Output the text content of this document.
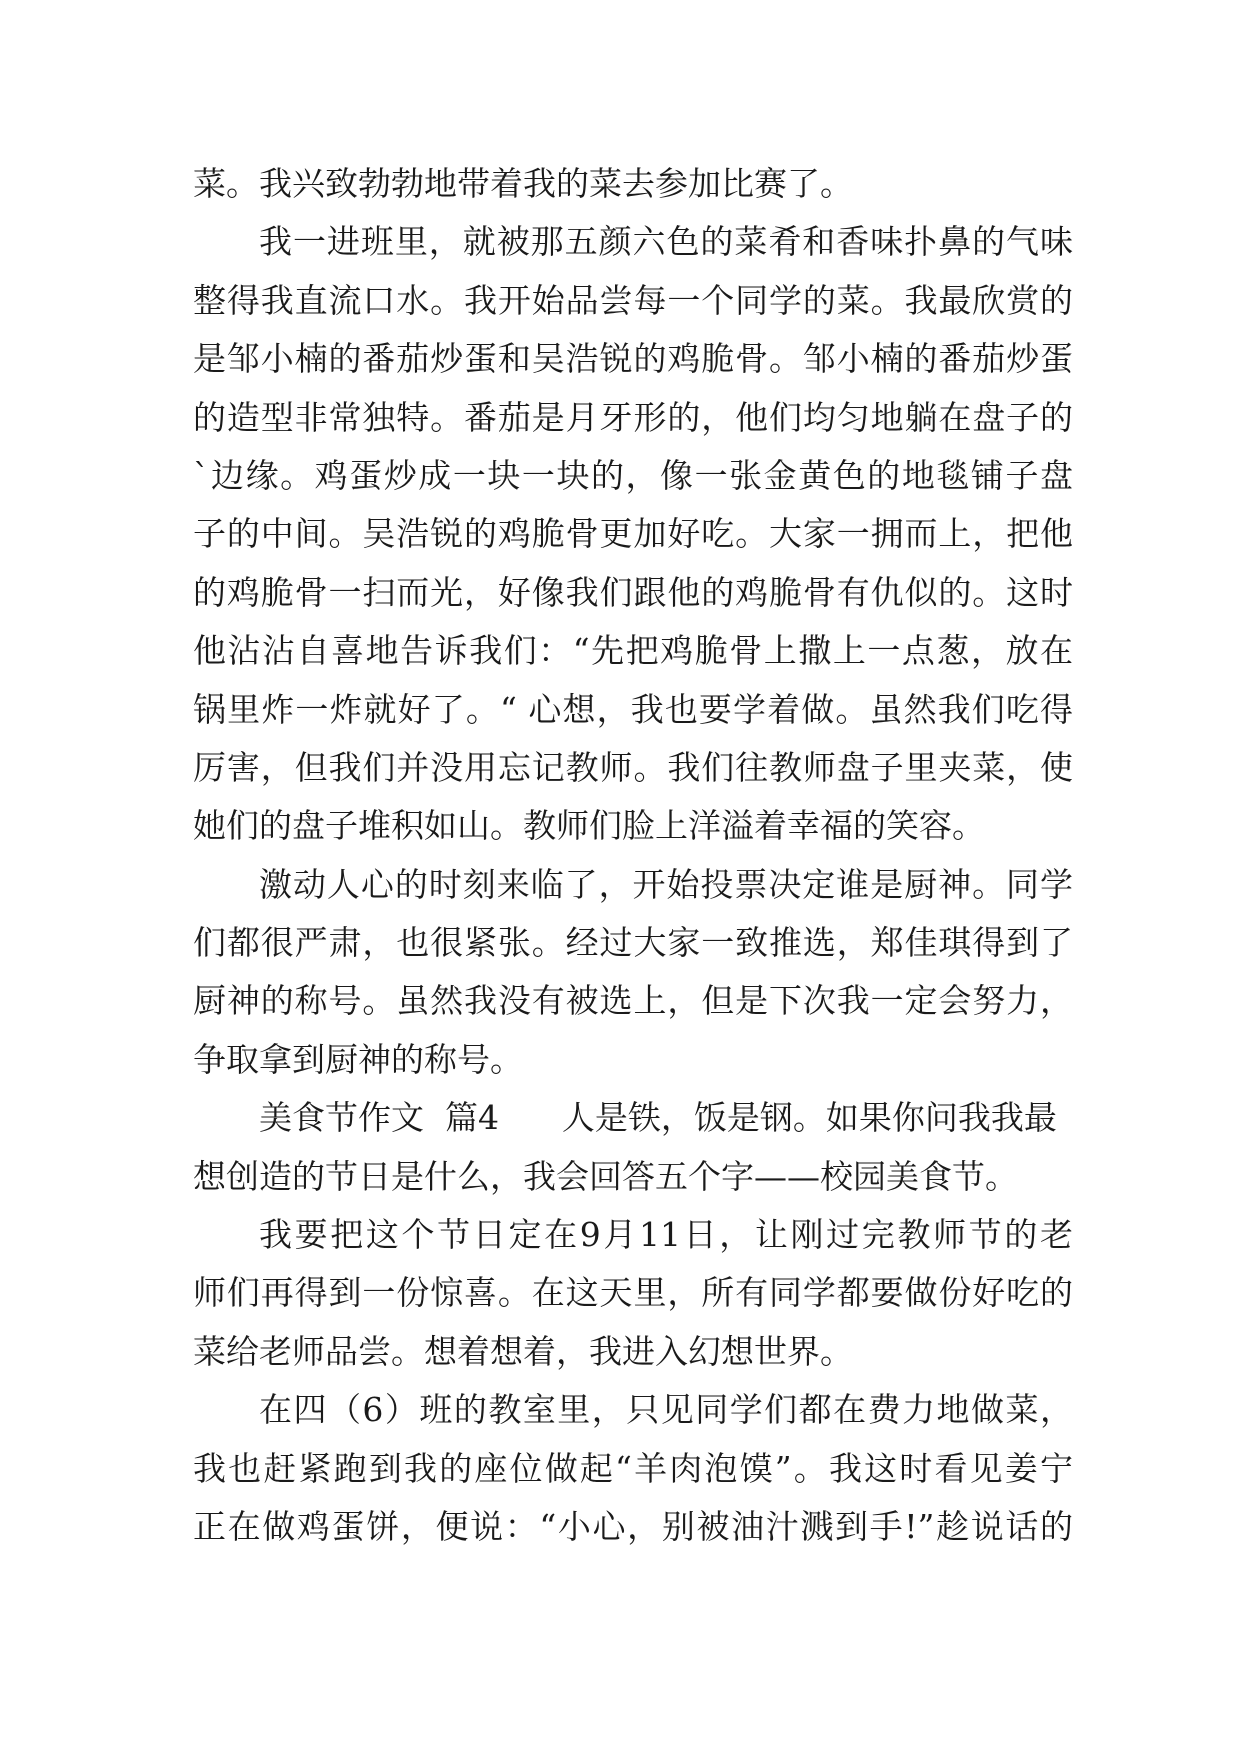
菜。我兴致勃勃地带着我的菜去参加比赛了。
我一进班里，就被那五颜六色的菜肴和香味扑鼻的气味
整得我直流口水。我开始品尝每一个同学的菜。我最欣赏的
是邹小楠的番茄炒蛋和吴浩锐的鸡脆骨。邹小楠的番茄炒蛋
的造型非常独特。番茄是月牙形的，他们均匀地躺在盘子的
`边缘。鸡蛋炒成一块一块的，像一张金黄色的地毯铺子盘
子的中间。吴浩锐的鸡脆骨更加好吃。大家一拥而上，把他
的鸡脆骨一扫而光，好像我们跟他的鸡脆骨有仇似的。这时
他沾沾自喜地告诉我们：“先把鸡脆骨上撒上一点葱，放在
锅里炸一炸就好了。“ 心想，我也要学着做。虽然我们吃得
厉害，但我们并没用忘记教师。我们往教师盘子里夹菜，使
她们的盘子堆积如山。教师们脸上洋溢着幸福的笑容。
激动人心的时刻来临了，开始投票决定谁是厨神。同学
们都很严肃，也很紧张。经过大家一致推选，郑佳琪得到了
厨神的称号。虽然我没有被选上，但是下次我一定会努力，
争取拿到厨神的称号。
美食节作文  篇4      人是铁，饭是钢。如果你问我我最
想创造的节日是什么，我会回答五个字——校园美食节。
我要把这个节日定在9月11日，让刚过完教师节的老
师们再得到一份惊喜。在这天里，所有同学都要做份好吃的
菜给老师品尝。想着想着，我进入幻想世界。
在四（6）班的教室里，只见同学们都在费力地做菜，
我也赶紧跑到我的座位做起“羊肉泡馍”。我这时看见姜宁
正在做鸡蛋饼，便说：“小心，别被油汁溅到手!”趁说话的
